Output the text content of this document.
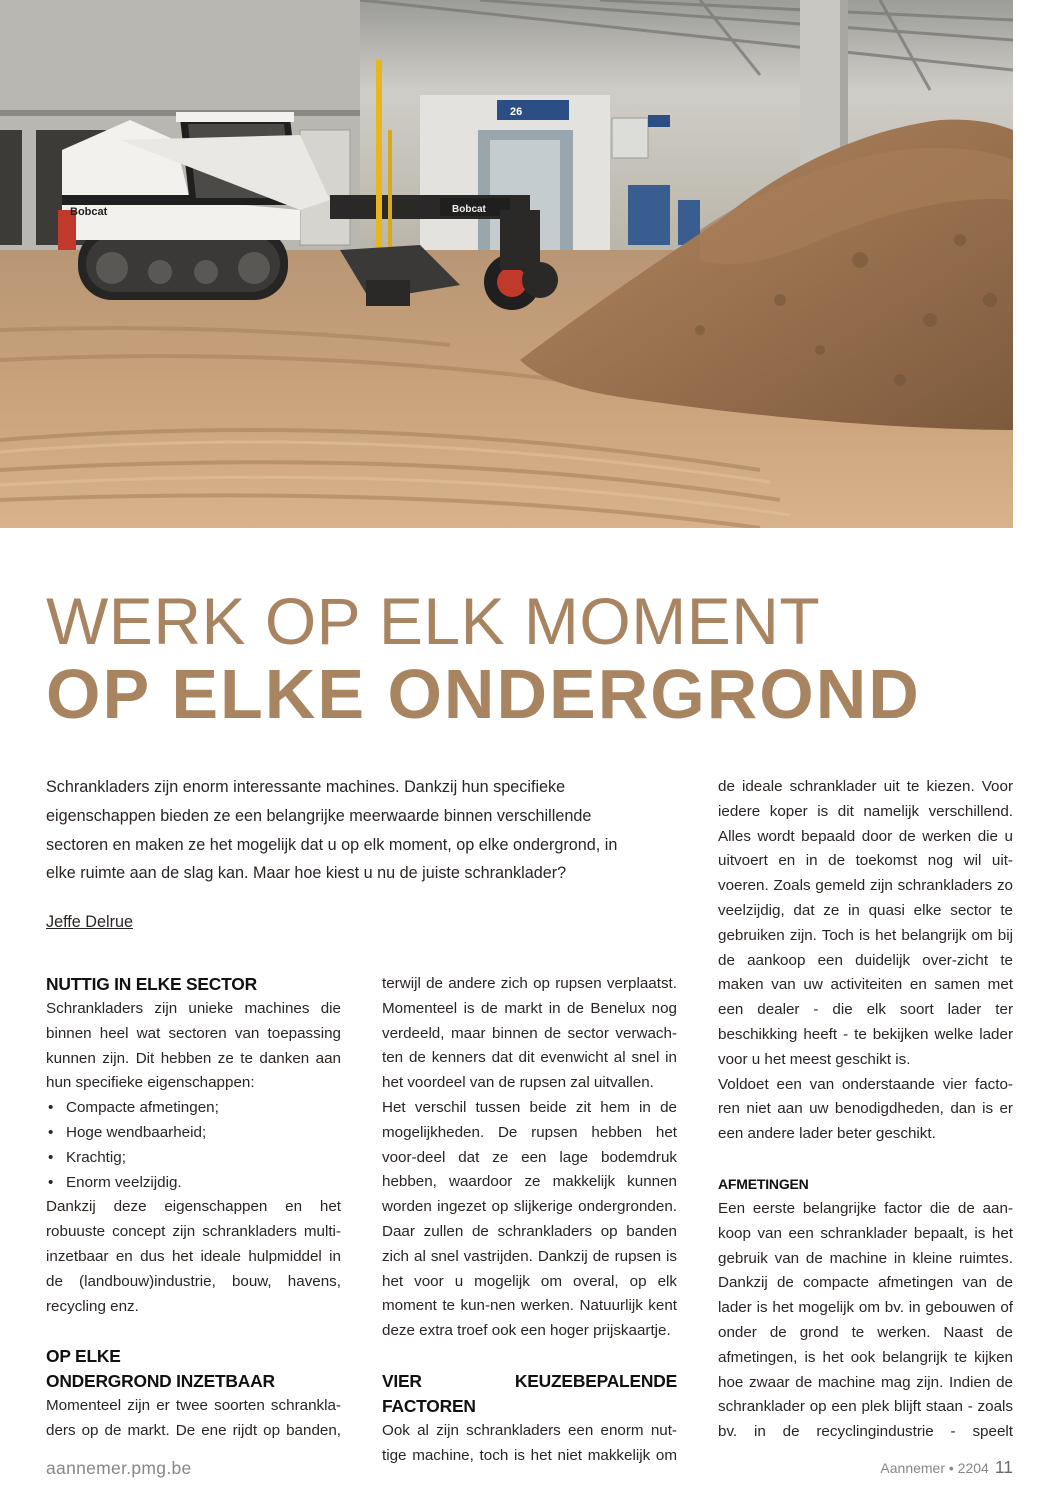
26
Bobcat	Bobcat
WERK OP ELK MOMENT
OP ELKE ONDERGROND

Schrankladers zijn enorm interessante machines. Dankzij hun specifieke eigenschappen bieden ze een belangrijke meerwaarde binnen verschillende sectoren en maken ze het mogelijk dat u op elk moment, op elke ondergrond, in elke ruimte aan de slag kan. Maar hoe kiest u nu de juiste schranklader?

Jeffe Delrue
NUTTIG IN ELKE SECTOR

Schrankladers zijn unieke machines die binnen heel wat sectoren van toepassing kunnen zijn. Dit hebben ze te danken aan hun specifieke eigenschappen:

• Compacte afmetingen;
• Hoge wendbaarheid;
• Krachtig;
• Enorm veelzijdig.

Dankzij deze eigenschappen en het robuuste concept zijn schrankladers multi-inzetbaar en dus het ideale hulpmiddel in de (landbouw)industrie, bouw, havens, recycling enz.

OP ELKE
ONDERGROND INZETBAAR

Momenteel zijn er twee soorten schrankla-ders op de markt. De ene rijdt op banden,

terwijl de andere zich op rupsen verplaatst. Momenteel is de markt in de Benelux nog verdeeld, maar binnen de sector verwach-ten de kenners dat dit evenwicht al snel in het voordeel van de rupsen zal uitvallen.

Het verschil tussen beide zit hem in de mogelijkheden. De rupsen hebben het voor-deel dat ze een lage bodemdruk hebben, waardoor ze makkelijk kunnen worden ingezet op slijkerige ondergronden. Daar zullen de schrankladers op banden zich al snel vastrijden. Dankzij de rupsen is het voor u mogelijk om overal, op elk moment te kun-nen werken. Natuurlijk kent deze extra troef ook een hoger prijskaartje.

VIER KEUZEBEPALENDE FACTOREN

Ook al zijn schrankladers een enorm nut-tige machine, toch is het niet makkelijk om

de ideale schranklader uit te kiezen. Voor iedere koper is dit namelijk verschillend. Alles wordt bepaald door de werken die u uitvoert en in de toekomst nog wil uit-voeren. Zoals gemeld zijn schrankladers zo veelzijdig, dat ze in quasi elke sector te gebruiken zijn. Toch is het belangrijk om bij de aankoop een duidelijk over-zicht te maken van uw activiteiten en samen met een dealer - die elk soort lader ter beschikking heeft - te bekijken welke lader voor u het meest geschikt is.

Voldoet een van onderstaande vier facto-ren niet aan uw benodigdheden, dan is er een andere lader beter geschikt.

AFMETINGEN

Een eerste belangrijke factor die de aan-koop van een schranklader bepaalt, is het gebruik van de machine in kleine ruimtes. Dankzij de compacte afmetingen van de lader is het mogelijk om bv. in gebouwen of onder de grond te werken. Naast de afmetingen, is het ook belangrijk te kijken hoe zwaar de machine mag zijn. Indien de schranklader op een plek blijft staan - zoals bv. in de recyclingindustrie - speelt

aannemer.pmg.be	Aannemer • 2204 11
